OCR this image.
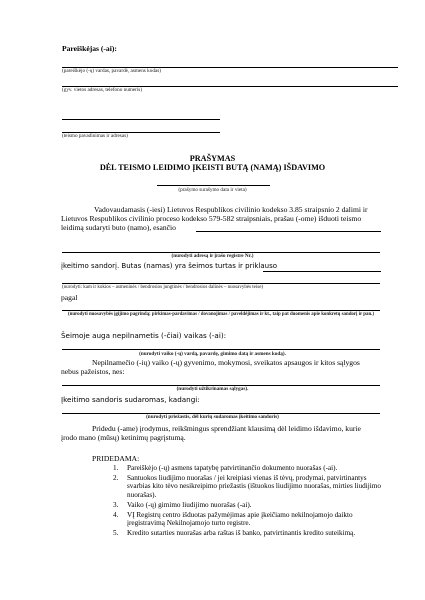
Pareiškėjas (-ai):
(pareiškėjo (-ų) vardas, pavardė, asmens kodas)
(gyv. vietos adresas, telefono numeris)
(teismo pavadinimas ir adresas)
PRAŠYMAS
DĖL TEISMO LEIDIMO ĮKEISTI BUTĄ (NAMĄ) IŠDAVIMO
(prašymo surašymo data ir vieta)
Vadovaudamasis (-iesi) Lietuvos Respublikos civilinio kodekso 3.85 straipsnio 2 dalimi ir
Lietuvos Respublikos civilinio proceso kodekso 579-582 straipsniais, prašau (-ome) išduoti teismo
leidimą sudaryti buto (namo), esančio
(nurodyti adresą ir įrašo registre Nr.)
įkeitimo sandorį. Butas (namas) yra šeimos turtas ir priklauso
(nurodyti: kam ir kokios – asmeninės / bendrosios jungtinės / bendrosios dalinės – nuosavybės teise)
pagal
(nurodyti nuosavybės įgijimo pagrindą; pirkimas-pardavimas / dovanojimas / paveldėjimas ir kt., taip pat duomenis apie konkretų sandorį ir pan.)
Šeimoje auga nepilnametis (-čiai) vaikas (-ai):
(nurodyti vaiko (-ų) vardą, pavardę, gimimo datą ir asmens kodą).
Nepilnamečio (-ių) vaiko (-ų) gyvenimo, mokymosi, sveikatos apsaugos ir kitos sąlygos
nebus pažeistos, nes:
(nurodyti užtikrinamas sąlygas).
Įkeitimo sandoris sudaromas, kadangi:
(nurodyti priežastis, dėl kurių sudaromas įkeitimo sandoris)
Pridedu (-ame) įrodymus, reikšmingus sprendžiant klausimą dėl leidimo išdavimo, kurie
įrodo mano (mūsų) ketinimų pagrįstumą.
PRIDEDAMA:
1. Pareiškėjo (-ų) asmens tapatybę patvirtinančio dokumento nuorašas (-ai).
2. Santuokos liudijimo nuorašas / jei kreipiasi vienas iš tėvų, prodymai, patvirtinantys svarbias kito tėvo nesikreipimo priežastis (ištuokos liudijimo nuorašas, mirties liudijimo nuorašas).
3. Vaiko (-ų) gimimo liudijimo nuorašas (-ai).
4. VĮ Registrų centro išduotas pažymėjimas apie įkeičiamo nekilnojamojo daikto įregistravimą Nekilnojamojo turto registre.
5. Kredito sutarties nuorašas arba raštas iš banko, patvirtinantis kredito suteikimą.
